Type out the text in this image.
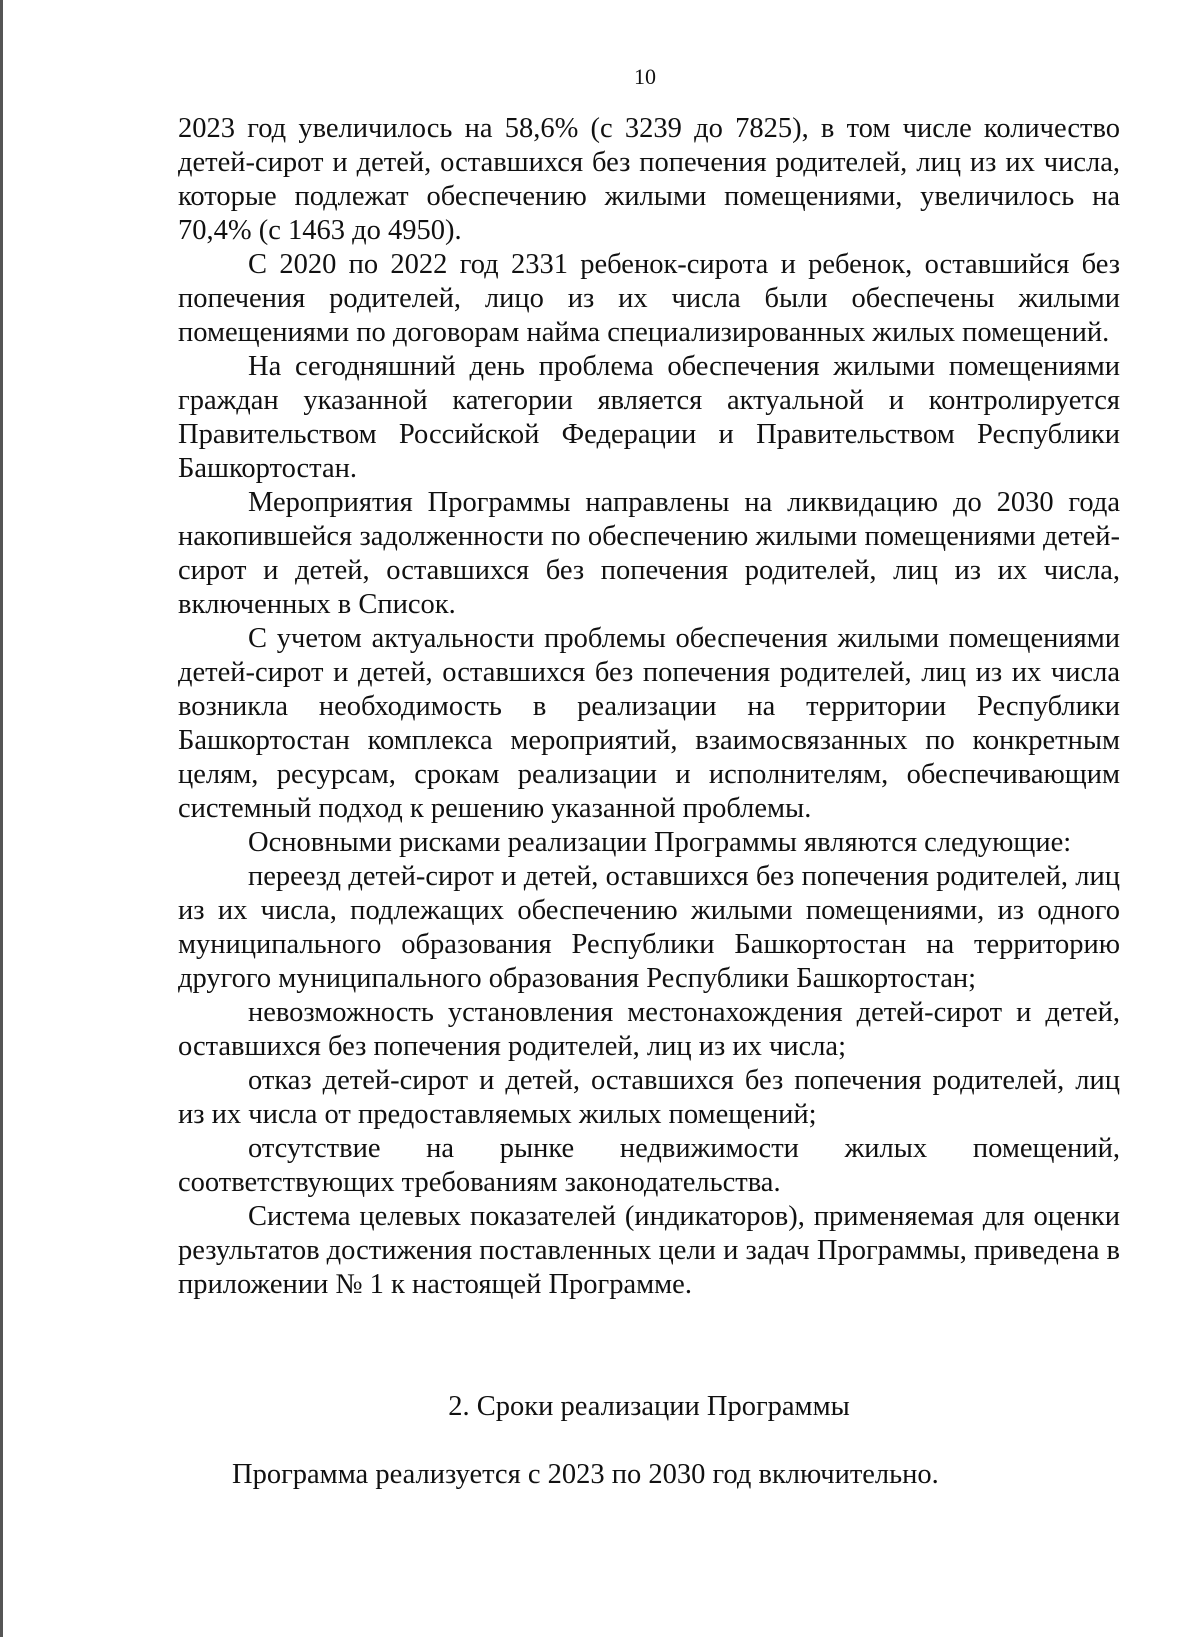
10

2023 год увеличилось на 58,6% (с 3239 до 7825), в том числе количество детей-сирот и детей, оставшихся без попечения родителей, лиц из их числа, которые подлежат обеспечению жилыми помещениями, увеличилось на 70,4% (с 1463 до 4950).

С 2020 по 2022 год 2331 ребенок-сирота и ребенок, оставшийся без попечения родителей, лицо из их числа были обеспечены жилыми помещениями по договорам найма специализированных жилых помещений.

На сегодняшний день проблема обеспечения жилыми помещениями граждан указанной категории является актуальной и контролируется Правительством Российской Федерации и Правительством Республики Башкортостан.

Мероприятия Программы направлены на ликвидацию до 2030 года накопившейся задолженности по обеспечению жилыми помещениями детей-сирот и детей, оставшихся без попечения родителей, лиц из их числа, включенных в Список.

С учетом актуальности проблемы обеспечения жилыми помещениями детей-сирот и детей, оставшихся без попечения родителей, лиц из их числа возникла необходимость в реализации на территории Республики Башкортостан комплекса мероприятий, взаимосвязанных по конкретным целям, ресурсам, срокам реализации и исполнителям, обеспечивающим системный подход к решению указанной проблемы.

Основными рисками реализации Программы являются следующие:

переезд детей-сирот и детей, оставшихся без попечения родителей, лиц из их числа, подлежащих обеспечению жилыми помещениями, из одного муниципального образования Республики Башкортостан на территорию другого муниципального образования Республики Башкортостан;

невозможность установления местонахождения детей-сирот и детей, оставшихся без попечения родителей, лиц из их числа;

отказ детей-сирот и детей, оставшихся без попечения родителей, лиц из их числа от предоставляемых жилых помещений;

отсутствие на рынке недвижимости жилых помещений, соответствующих требованиям законодательства.

Система целевых показателей (индикаторов), применяемая для оценки результатов достижения поставленных цели и задач Программы, приведена в приложении № 1 к настоящей Программе.

2. Сроки реализации Программы
Программа реализуется с 2023 по 2030 год включительно.
